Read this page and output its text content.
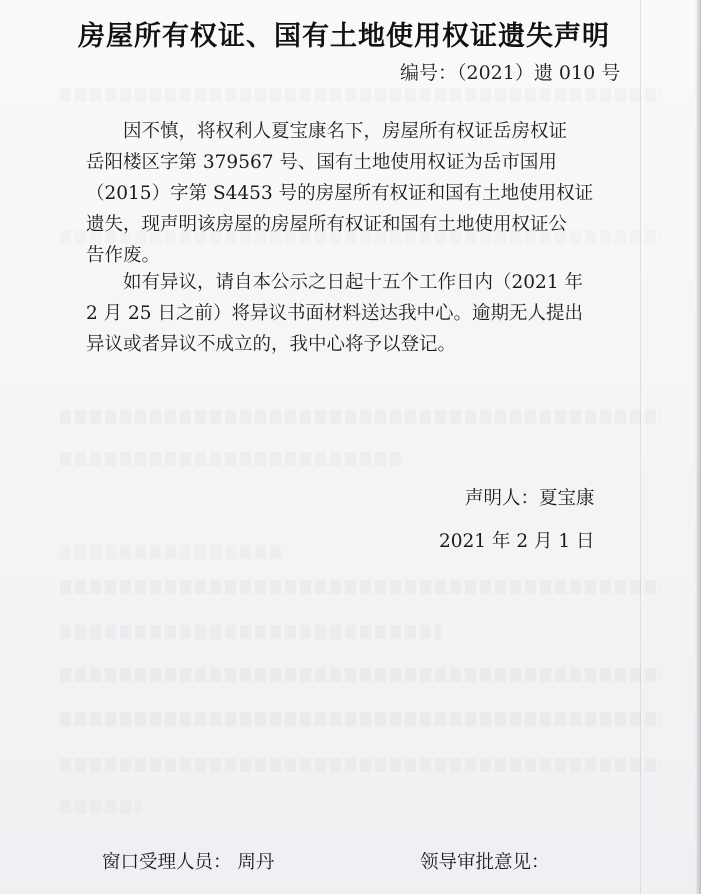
房屋所有权证、国有土地使用权证遗失声明
编号：（2021）遗 010 号
因不慎，将权利人夏宝康名下，房屋所有权证岳房权证
岳阳楼区字第 379567 号、国有土地使用权证为岳市国用
（2015）字第 S4453 号的房屋所有权证和国有土地使用权证
遗失，现声明该房屋的房屋所有权证和国有土地使用权证公
告作废。
如有异议，请自本公示之日起十五个工作日内（2021 年
2 月 25 日之前）将异议书面材料送达我中心。逾期无人提出
异议或者异议不成立的，我中心将予以登记。
声明人：夏宝康
2021 年 2 月 1 日
窗口受理人员： 周丹	领导审批意见：
